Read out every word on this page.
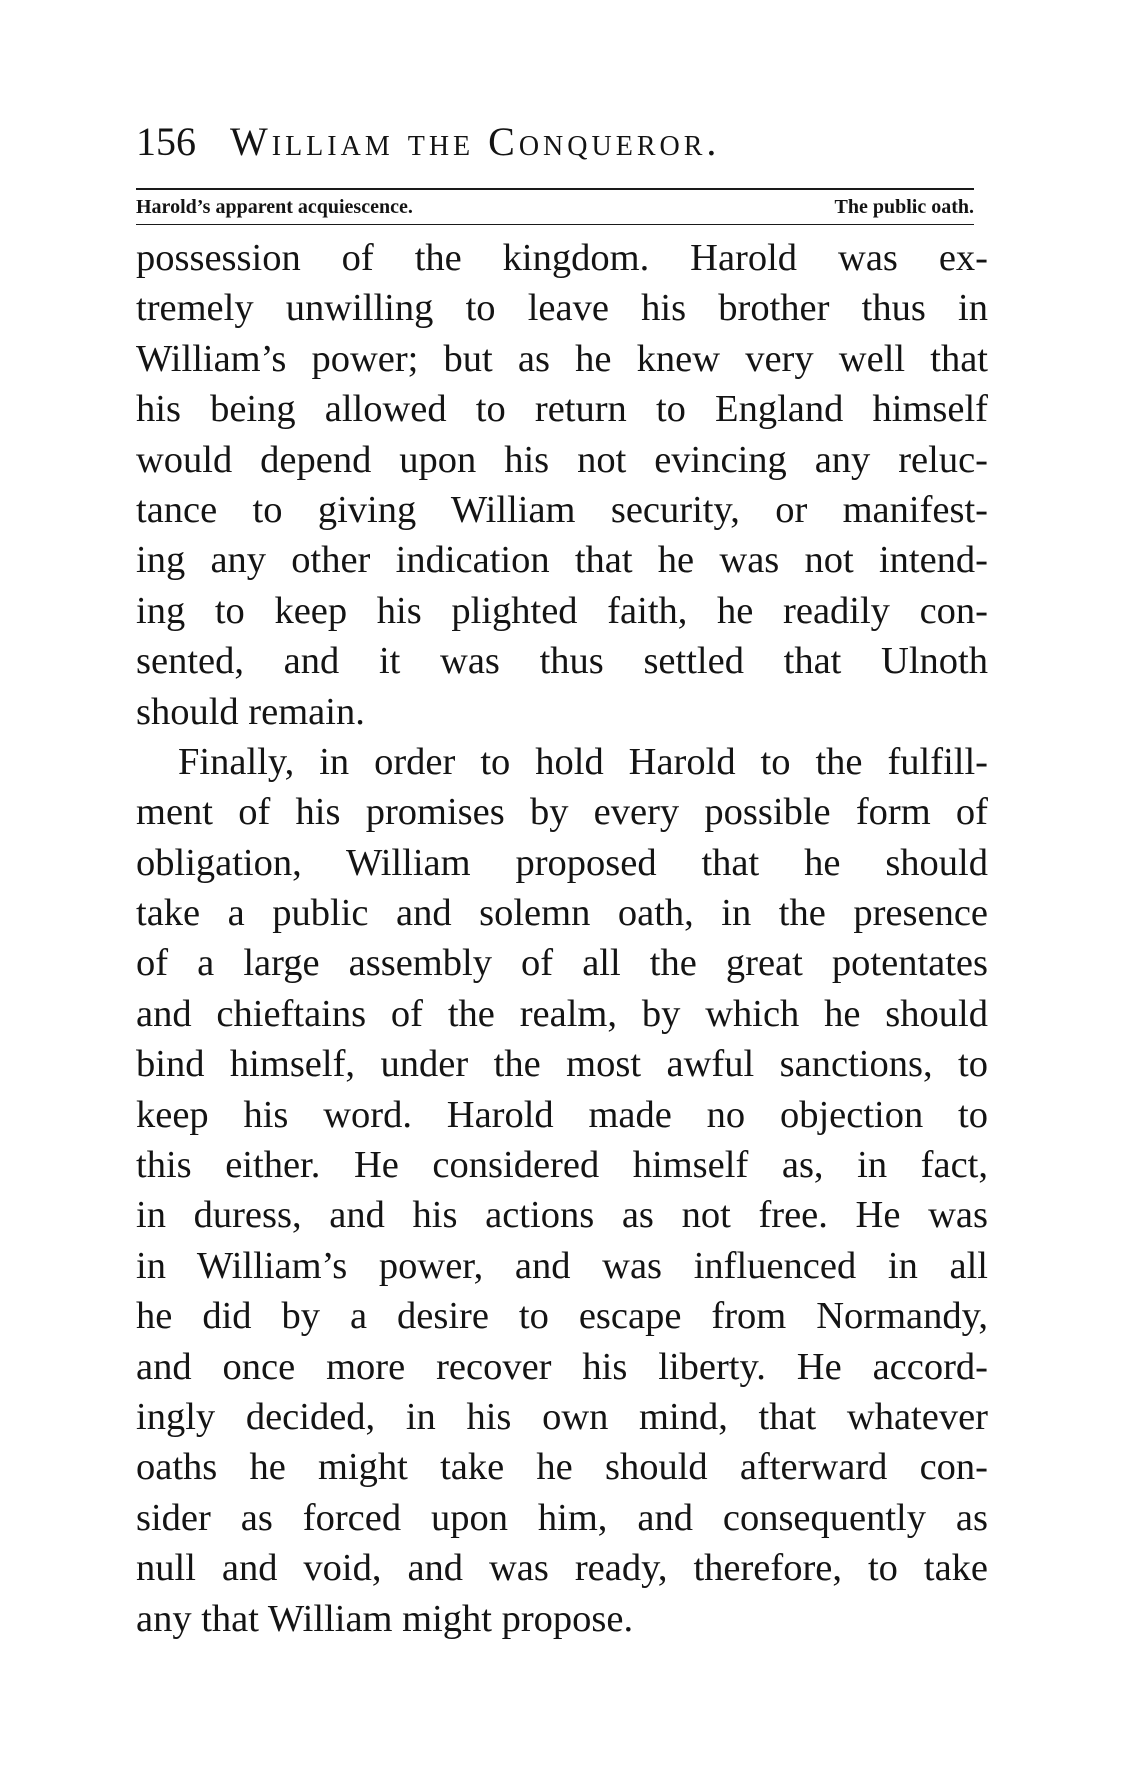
156 William the Conqueror.
Harold’s apparent acquiescence.	The public oath.
possession of the kingdom. Harold was ex-
tremely unwilling to leave his brother thus in
William’s power; but as he knew very well that
his being allowed to return to England himself
would depend upon his not evincing any reluc-
tance to giving William security, or manifest-
ing any other indication that he was not intend-
ing to keep his plighted faith, he readily con-
sented, and it was thus settled that Ulnoth
should remain.
Finally, in order to hold Harold to the fulfill-
ment of his promises by every possible form of
obligation, William proposed that he should
take a public and solemn oath, in the presence
of a large assembly of all the great potentates
and chieftains of the realm, by which he should
bind himself, under the most awful sanctions, to
keep his word. Harold made no objection to
this either. He considered himself as, in fact,
in duress, and his actions as not free. He was
in William’s power, and was influenced in all
he did by a desire to escape from Normandy,
and once more recover his liberty. He accord-
ingly decided, in his own mind, that whatever
oaths he might take he should afterward con-
sider as forced upon him, and consequently as
null and void, and was ready, therefore, to take
any that William might propose.
